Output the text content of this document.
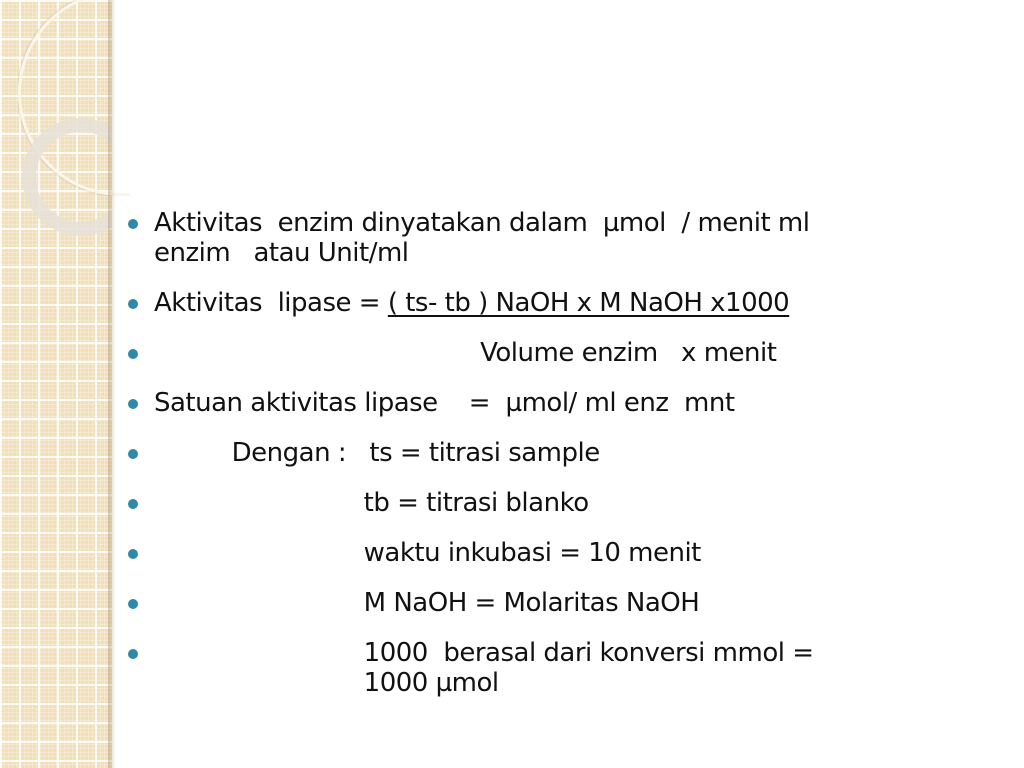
Aktivitas  enzim dinyatakan dalam  µmol  / menit ml
enzim   atau Unit/ml
Aktivitas  lipase = ( ts- tb ) NaOH x M NaOH x1000
Volume enzim   x menit
Satuan aktivitas lipase    =  µmol/ ml enz  mnt
Dengan :   ts = titrasi sample
tb = titrasi blanko
waktu inkubasi = 10 menit
M NaOH = Molaritas NaOH
1000  berasal dari konversi mmol =
1000 µmol
